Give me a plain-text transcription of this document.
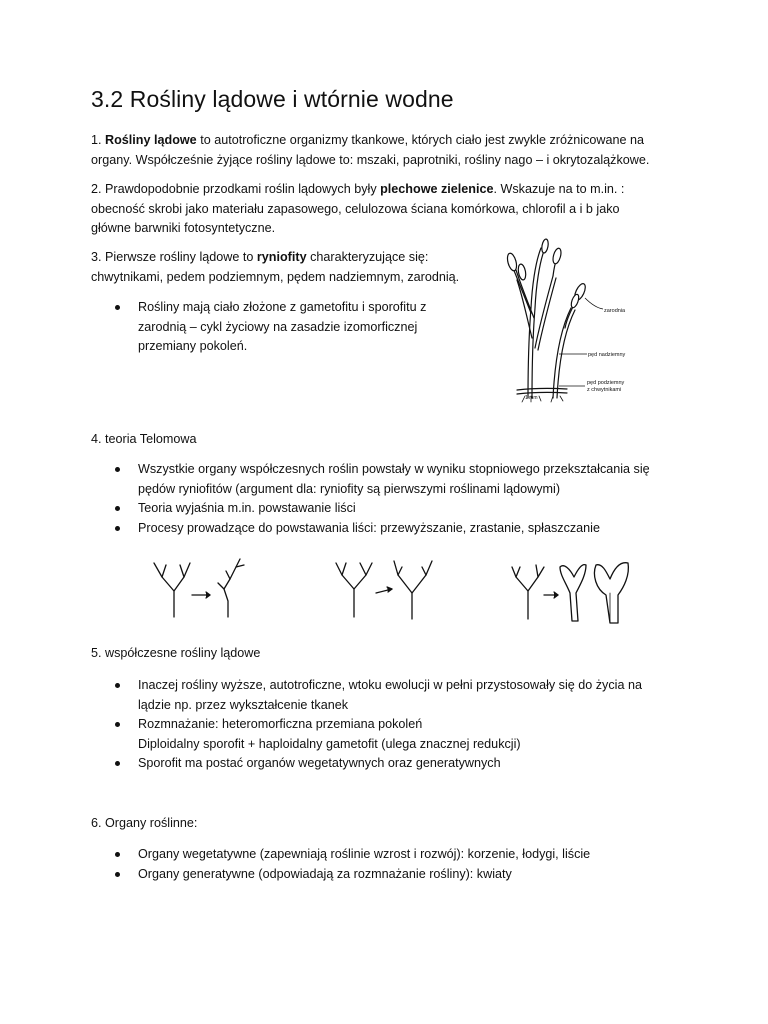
3.2 Rośliny lądowe i wtórnie wodne

1. Rośliny lądowe to autotroficzne organizmy tkankowe, których ciało jest zwykle zróżnicowane na
organy. Współcześnie żyjące rośliny lądowe to: mszaki, paprotniki, rośliny nago – i okrytozalążkowe.

2. Prawdopodobnie przodkami roślin lądowych były plechowe zielenice. Wskazuje na to m.in. :
obecność skrobi jako materiału zapasowego, celulozowa ściana komórkowa, chlorofil a i b jako
główne barwniki fotosyntetyczne.

3. Pierwsze rośliny lądowe to ryniofity charakteryzujące się:
chwytnikami, pedem podziemnym, pędem nadziemnym, zarodnią.

Rośliny mają ciało złożone z gametofitu i sporofitu z
zarodnią – cykl życiowy na zasadzie izomorficznej
przemiany pokoleń.
zarodnia
pęd nadziemny
pęd podziemny
z chwytnikami
1 mm

4. teoria Telomowa

Wszystkie organy współczesnych roślin powstały w wyniku stopniowego przekształcania się
pędów ryniofitów (argument dla: ryniofity są pierwszymi roślinami lądowymi)
Teoria wyjaśnia m.in. powstawanie liści
Procesy prowadzące do powstawania liści: przewyższanie, zrastanie, spłaszczanie

5. współczesne rośliny lądowe

Inaczej rośliny wyższe, autotroficzne, wtoku ewolucji w pełni przystosowały się do życia na
lądzie np. przez wykształcenie tkanek
Rozmnażanie: heteromorficzna przemiana pokoleń
Diploidalny sporofit + haploidalny gametofit (ulega znacznej redukcji)
Sporofit ma postać organów wegetatywnych oraz generatywnych

6. Organy roślinne:

Organy wegetatywne (zapewniają roślinie wzrost i rozwój): korzenie, łodygi, liście
Organy generatywne (odpowiadają za rozmnażanie rośliny): kwiaty
